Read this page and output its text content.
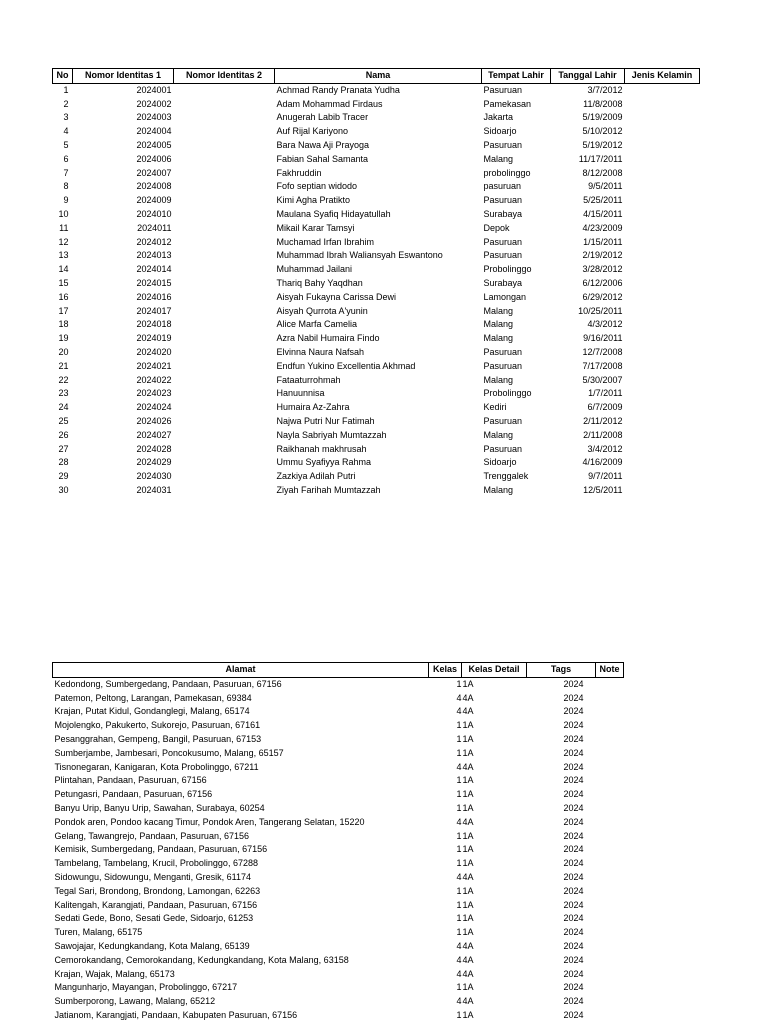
No	Nomor Identitas 1	Nomor Identitas 2	Nama	Tempat Lahir	Tanggal Lahir	Jenis Kelamin
1	2024001		Achmad Randy Pranata Yudha	Pasuruan	3/7/2012	
2	2024002		Adam Mohammad Firdaus	Pamekasan	11/8/2008	
3	2024003		Anugerah Labib Tracer	Jakarta	5/19/2009	
4	2024004		Auf Rijal Kariyono	Sidoarjo	5/10/2012	
5	2024005		Bara Nawa Aji Prayoga	Pasuruan	5/19/2012	
6	2024006		Fabian Sahal Samanta	Malang	11/17/2011	
7	2024007		Fakhruddin	probolinggo	8/12/2008	
8	2024008		Fofo septian widodo	pasuruan	9/5/2011	
9	2024009		Kimi Agha Pratikto	Pasuruan	5/25/2011	
10	2024010		Maulana Syafiq Hidayatullah	Surabaya	4/15/2011	
11	2024011		Mikail Karar Tamsyi	Depok	4/23/2009	
12	2024012		Muchamad Irfan Ibrahim	Pasuruan	1/15/2011	
13	2024013		Muhammad Ibrah Waliansyah Eswantono	Pasuruan	2/19/2012	
14	2024014		Muhammad Jailani	Probolinggo	3/28/2012	
15	2024015		Thariq Bahy Yaqdhan	Surabaya	6/12/2006	
16	2024016		Aisyah Fukayna Carissa Dewi	Lamongan	6/29/2012	
17	2024017		Aisyah Qurrota A'yunin	Malang	10/25/2011	
18	2024018		Alice Marfa Camelia	Malang	4/3/2012	
19	2024019		Azra Nabil Humaira Findo	Malang	9/16/2011	
20	2024020		Elvinna Naura Nafsah	Pasuruan	12/7/2008	
21	2024021		Endfun Yukino Excellentia Akhmad	Pasuruan	7/17/2008	
22	2024022		Fataaturrohmah	Malang	5/30/2007	
23	2024023		Hanuunnisa	Probolinggo	1/7/2011	
24	2024024		Humaira Az-Zahra	Kediri	6/7/2009	
25	2024026		Najwa Putri Nur Fatimah	Pasuruan	2/11/2012	
26	2024027		Nayla Sabriyah Mumtazzah	Malang	2/11/2008	
27	2024028		Raikhanah makhrusah	Pasuruan	3/4/2012	
28	2024029		Ummu Syafiyya Rahma	Sidoarjo	4/16/2009	
29	2024030		Zazkiya Adilah Putri	Trenggalek	9/7/2011	
30	2024031		Ziyah Farihah Mumtazzah	Malang	12/5/2011	
Alamat	Kelas	Kelas Detail	Tags	Note
Kedondong, Sumbergedang, Pandaan, Pasuruan, 67156	1	1A	2024	
Patemon, Peltong, Larangan, Pamekasan, 69384	4	4A	2024	
Krajan, Putat Kidul, Gondanglegi, Malang, 65174	4	4A	2024	
Mojolengko, Pakukerto, Sukorejo, Pasuruan, 67161	1	1A	2024	
Pesanggrahan, Gempeng, Bangil, Pasuruan, 67153	1	1A	2024	
Sumberjambe, Jambesari, Poncokusumo, Malang, 65157	1	1A	2024	
Tisnonegaran, Kanigaran, Kota Probolinggo, 67211	4	4A	2024	
Plintahan, Pandaan, Pasuruan, 67156	1	1A	2024	
Petungasri, Pandaan, Pasuruan, 67156	1	1A	2024	
Banyu Urip, Banyu Urip, Sawahan, Surabaya, 60254	1	1A	2024	
Pondok aren, Pondoo kacang Timur, Pondok Aren, Tangerang Selatan, 15220	4	4A	2024	
Gelang, Tawangrejo, Pandaan, Pasuruan, 67156	1	1A	2024	
Kemisik, Sumbergedang, Pandaan, Pasuruan, 67156	1	1A	2024	
Tambelang, Tambelang, Krucil, Probolinggo, 67288	1	1A	2024	
Sidowungu, Sidowungu, Menganti, Gresik, 61174	4	4A	2024	
Tegal Sari, Brondong, Brondong, Lamongan, 62263	1	1A	2024	
Kalitengah, Karangjati, Pandaan, Pasuruan, 67156	1	1A	2024	
Sedati Gede, Bono, Sesati Gede, Sidoarjo, 61253	1	1A	2024	
Turen, Malang, 65175	1	1A	2024	
Sawojajar, Kedungkandang, Kota Malang, 65139	4	4A	2024	
Cemorokandang, Cemorokandang, Kedungkandang, Kota Malang, 63158	4	4A	2024	
Krajan, Wajak, Malang, 65173	4	4A	2024	
Mangunharjo, Mayangan, Probolinggo, 67217	1	1A	2024	
Sumberporong, Lawang, Malang, 65212	4	4A	2024	
Jatianom, Karangjati, Pandaan, Kabupaten Pasuruan, 67156	1	1A	2024	
